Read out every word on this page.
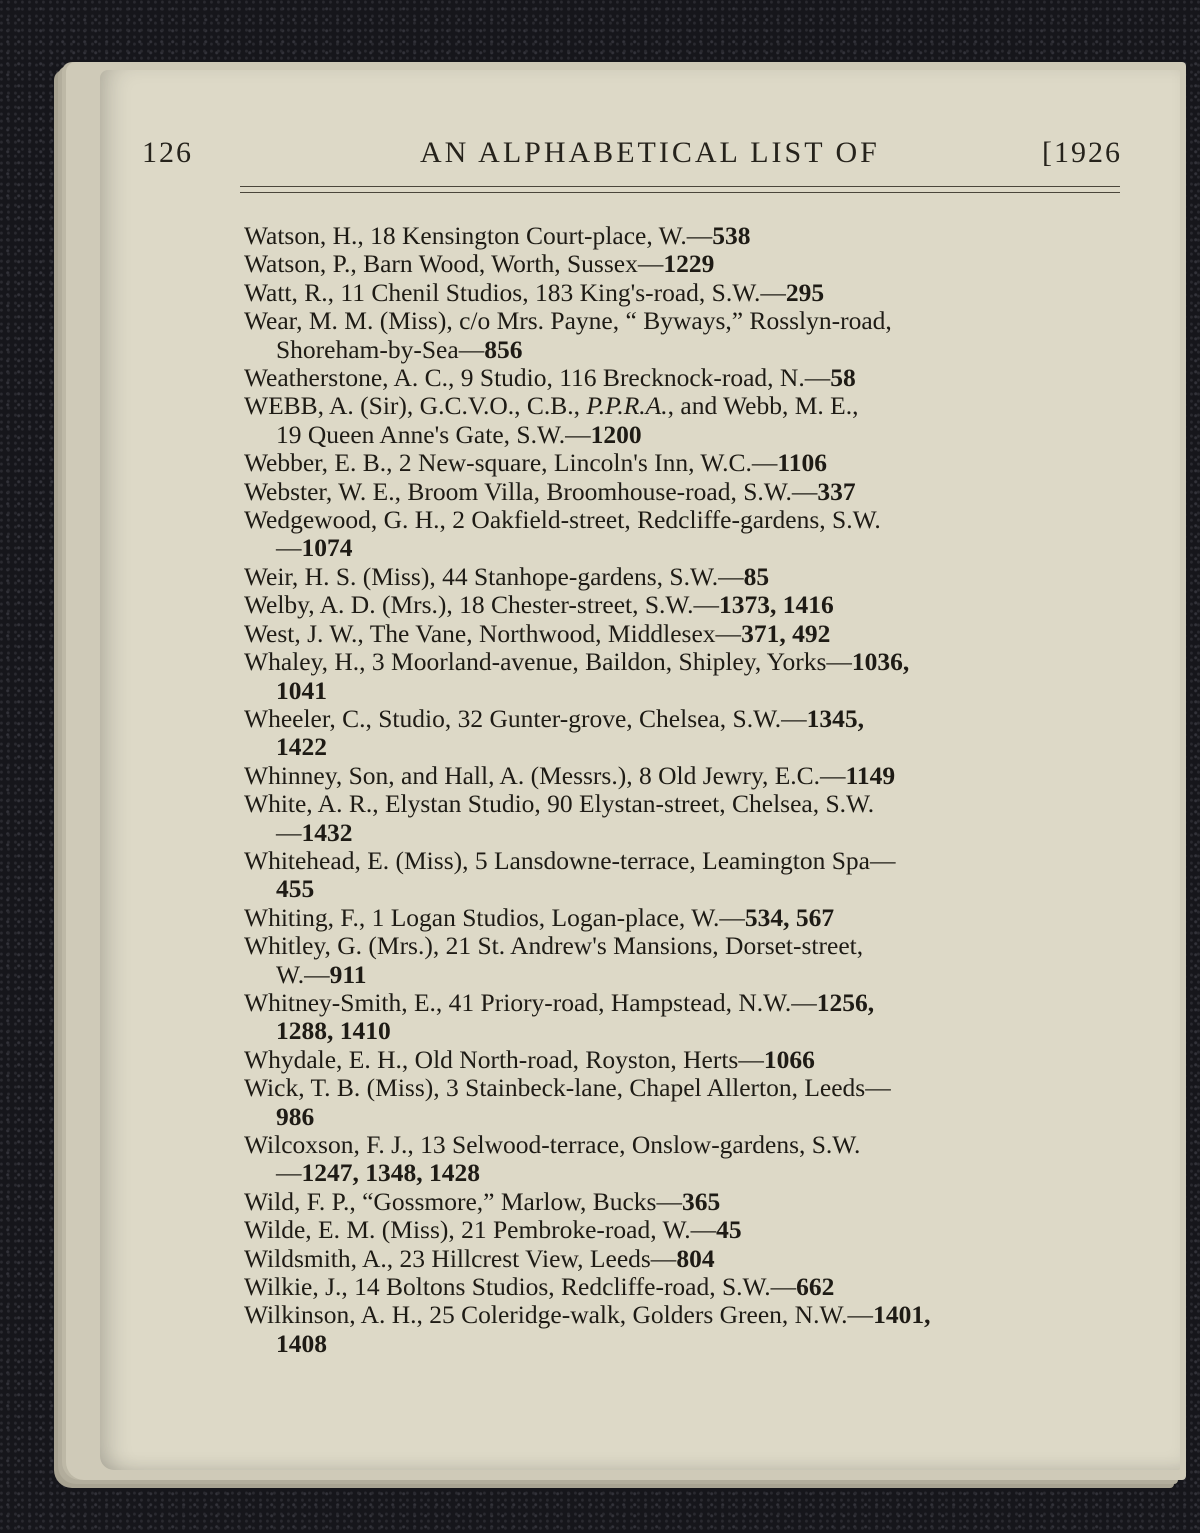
126	AN ALPHABETICAL LIST OF	[1926
Watson, H., 18 Kensington Court-place, W.—538
Watson, P., Barn Wood, Worth, Sussex—1229
Watt, R., 11 Chenil Studios, 183 King's-road, S.W.—295
Wear, M. M. (Miss), c/o Mrs. Payne, “ Byways,” Rosslyn-road,
Shoreham-by-Sea—856
Weatherstone, A. C., 9 Studio, 116 Brecknock-road, N.—58
WEBB, A. (Sir), G.C.V.O., C.B., P.P.R.A., and Webb, M. E.,
19 Queen Anne's Gate, S.W.—1200
Webber, E. B., 2 New-square, Lincoln's Inn, W.C.—1106
Webster, W. E., Broom Villa, Broomhouse-road, S.W.—337
Wedgewood, G. H., 2 Oakfield-street, Redcliffe-gardens, S.W.
—1074
Weir, H. S. (Miss), 44 Stanhope-gardens, S.W.—85
Welby, A. D. (Mrs.), 18 Chester-street, S.W.—1373, 1416
West, J. W., The Vane, Northwood, Middlesex—371, 492
Whaley, H., 3 Moorland-avenue, Baildon, Shipley, Yorks—1036,
1041
Wheeler, C., Studio, 32 Gunter-grove, Chelsea, S.W.—1345,
1422
Whinney, Son, and Hall, A. (Messrs.), 8 Old Jewry, E.C.—1149
White, A. R., Elystan Studio, 90 Elystan-street, Chelsea, S.W.
—1432
Whitehead, E. (Miss), 5 Lansdowne-terrace, Leamington Spa—
455
Whiting, F., 1 Logan Studios, Logan-place, W.—534, 567
Whitley, G. (Mrs.), 21 St. Andrew's Mansions, Dorset-street,
W.—911
Whitney-Smith, E., 41 Priory-road, Hampstead, N.W.—1256,
1288, 1410
Whydale, E. H., Old North-road, Royston, Herts—1066
Wick, T. B. (Miss), 3 Stainbeck-lane, Chapel Allerton, Leeds—
986
Wilcoxson, F. J., 13 Selwood-terrace, Onslow-gardens, S.W.
—1247, 1348, 1428
Wild, F. P., “Gossmore,” Marlow, Bucks—365
Wilde, E. M. (Miss), 21 Pembroke-road, W.—45
Wildsmith, A., 23 Hillcrest View, Leeds—804
Wilkie, J., 14 Boltons Studios, Redcliffe-road, S.W.—662
Wilkinson, A. H., 25 Coleridge-walk, Golders Green, N.W.—1401,
1408
